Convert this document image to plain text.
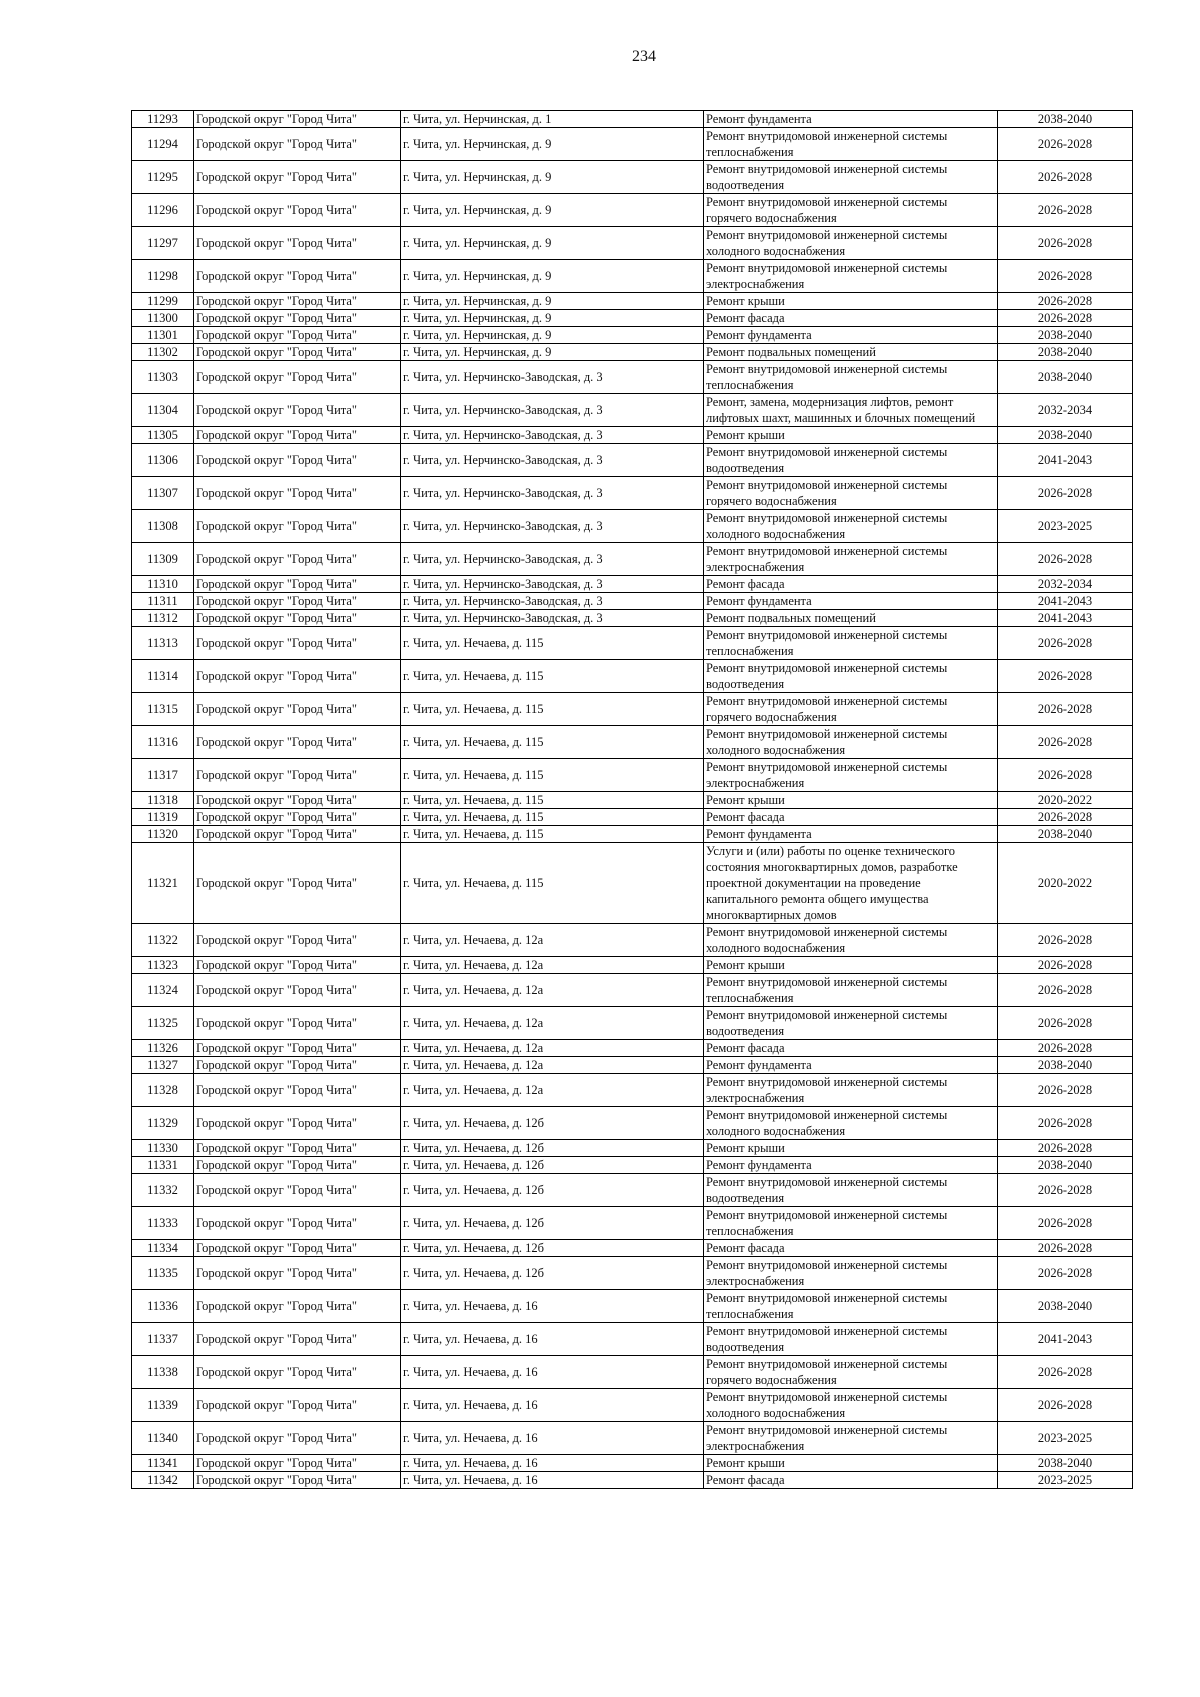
234
11293	Городской округ "Город Чита"	г. Чита, ул. Нерчинская, д. 1	Ремонт фундамента	2038-2040
11294	Городской округ "Город Чита"	г. Чита, ул. Нерчинская, д. 9	Ремонт внутридомовой инженерной системы теплоснабжения	2026-2028
11295	Городской округ "Город Чита"	г. Чита, ул. Нерчинская, д. 9	Ремонт внутридомовой инженерной системы водоотведения	2026-2028
11296	Городской округ "Город Чита"	г. Чита, ул. Нерчинская, д. 9	Ремонт внутридомовой инженерной системы горячего водоснабжения	2026-2028
11297	Городской округ "Город Чита"	г. Чита, ул. Нерчинская, д. 9	Ремонт внутридомовой инженерной системы холодного водоснабжения	2026-2028
11298	Городской округ "Город Чита"	г. Чита, ул. Нерчинская, д. 9	Ремонт внутридомовой инженерной системы электроснабжения	2026-2028
11299	Городской округ "Город Чита"	г. Чита, ул. Нерчинская, д. 9	Ремонт крыши	2026-2028
11300	Городской округ "Город Чита"	г. Чита, ул. Нерчинская, д. 9	Ремонт фасада	2026-2028
11301	Городской округ "Город Чита"	г. Чита, ул. Нерчинская, д. 9	Ремонт фундамента	2038-2040
11302	Городской округ "Город Чита"	г. Чита, ул. Нерчинская, д. 9	Ремонт подвальных помещений	2038-2040
11303	Городской округ "Город Чита"	г. Чита, ул. Нерчинско-Заводская, д. 3	Ремонт внутридомовой инженерной системы теплоснабжения	2038-2040
11304	Городской округ "Город Чита"	г. Чита, ул. Нерчинско-Заводская, д. 3	Ремонт, замена, модернизация лифтов, ремонт лифтовых шахт, машинных и блочных помещений	2032-2034
11305	Городской округ "Город Чита"	г. Чита, ул. Нерчинско-Заводская, д. 3	Ремонт крыши	2038-2040
11306	Городской округ "Город Чита"	г. Чита, ул. Нерчинско-Заводская, д. 3	Ремонт внутридомовой инженерной системы водоотведения	2041-2043
11307	Городской округ "Город Чита"	г. Чита, ул. Нерчинско-Заводская, д. 3	Ремонт внутридомовой инженерной системы горячего водоснабжения	2026-2028
11308	Городской округ "Город Чита"	г. Чита, ул. Нерчинско-Заводская, д. 3	Ремонт внутридомовой инженерной системы холодного водоснабжения	2023-2025
11309	Городской округ "Город Чита"	г. Чита, ул. Нерчинско-Заводская, д. 3	Ремонт внутридомовой инженерной системы электроснабжения	2026-2028
11310	Городской округ "Город Чита"	г. Чита, ул. Нерчинско-Заводская, д. 3	Ремонт фасада	2032-2034
11311	Городской округ "Город Чита"	г. Чита, ул. Нерчинско-Заводская, д. 3	Ремонт фундамента	2041-2043
11312	Городской округ "Город Чита"	г. Чита, ул. Нерчинско-Заводская, д. 3	Ремонт подвальных помещений	2041-2043
11313	Городской округ "Город Чита"	г. Чита, ул. Нечаева, д. 115	Ремонт внутридомовой инженерной системы теплоснабжения	2026-2028
11314	Городской округ "Город Чита"	г. Чита, ул. Нечаева, д. 115	Ремонт внутридомовой инженерной системы водоотведения	2026-2028
11315	Городской округ "Город Чита"	г. Чита, ул. Нечаева, д. 115	Ремонт внутридомовой инженерной системы горячего водоснабжения	2026-2028
11316	Городской округ "Город Чита"	г. Чита, ул. Нечаева, д. 115	Ремонт внутридомовой инженерной системы холодного водоснабжения	2026-2028
11317	Городской округ "Город Чита"	г. Чита, ул. Нечаева, д. 115	Ремонт внутридомовой инженерной системы электроснабжения	2026-2028
11318	Городской округ "Город Чита"	г. Чита, ул. Нечаева, д. 115	Ремонт крыши	2020-2022
11319	Городской округ "Город Чита"	г. Чита, ул. Нечаева, д. 115	Ремонт фасада	2026-2028
11320	Городской округ "Город Чита"	г. Чита, ул. Нечаева, д. 115	Ремонт фундамента	2038-2040
11321	Городской округ "Город Чита"	г. Чита, ул. Нечаева, д. 115	Услуги и (или) работы по оценке технического состояния многоквартирных домов, разработке проектной документации на проведение капитального ремонта общего имущества многоквартирных домов	2020-2022
11322	Городской округ "Город Чита"	г. Чита, ул. Нечаева, д. 12а	Ремонт внутридомовой инженерной системы холодного водоснабжения	2026-2028
11323	Городской округ "Город Чита"	г. Чита, ул. Нечаева, д. 12а	Ремонт крыши	2026-2028
11324	Городской округ "Город Чита"	г. Чита, ул. Нечаева, д. 12а	Ремонт внутридомовой инженерной системы теплоснабжения	2026-2028
11325	Городской округ "Город Чита"	г. Чита, ул. Нечаева, д. 12а	Ремонт внутридомовой инженерной системы водоотведения	2026-2028
11326	Городской округ "Город Чита"	г. Чита, ул. Нечаева, д. 12а	Ремонт фасада	2026-2028
11327	Городской округ "Город Чита"	г. Чита, ул. Нечаева, д. 12а	Ремонт фундамента	2038-2040
11328	Городской округ "Город Чита"	г. Чита, ул. Нечаева, д. 12а	Ремонт внутридомовой инженерной системы электроснабжения	2026-2028
11329	Городской округ "Город Чита"	г. Чита, ул. Нечаева, д. 12б	Ремонт внутридомовой инженерной системы холодного водоснабжения	2026-2028
11330	Городской округ "Город Чита"	г. Чита, ул. Нечаева, д. 12б	Ремонт крыши	2026-2028
11331	Городской округ "Город Чита"	г. Чита, ул. Нечаева, д. 12б	Ремонт фундамента	2038-2040
11332	Городской округ "Город Чита"	г. Чита, ул. Нечаева, д. 12б	Ремонт внутридомовой инженерной системы водоотведения	2026-2028
11333	Городской округ "Город Чита"	г. Чита, ул. Нечаева, д. 12б	Ремонт внутридомовой инженерной системы теплоснабжения	2026-2028
11334	Городской округ "Город Чита"	г. Чита, ул. Нечаева, д. 12б	Ремонт фасада	2026-2028
11335	Городской округ "Город Чита"	г. Чита, ул. Нечаева, д. 12б	Ремонт внутридомовой инженерной системы электроснабжения	2026-2028
11336	Городской округ "Город Чита"	г. Чита, ул. Нечаева, д. 16	Ремонт внутридомовой инженерной системы теплоснабжения	2038-2040
11337	Городской округ "Город Чита"	г. Чита, ул. Нечаева, д. 16	Ремонт внутридомовой инженерной системы водоотведения	2041-2043
11338	Городской округ "Город Чита"	г. Чита, ул. Нечаева, д. 16	Ремонт внутридомовой инженерной системы горячего водоснабжения	2026-2028
11339	Городской округ "Город Чита"	г. Чита, ул. Нечаева, д. 16	Ремонт внутридомовой инженерной системы холодного водоснабжения	2026-2028
11340	Городской округ "Город Чита"	г. Чита, ул. Нечаева, д. 16	Ремонт внутридомовой инженерной системы электроснабжения	2023-2025
11341	Городской округ "Город Чита"	г. Чита, ул. Нечаева, д. 16	Ремонт крыши	2038-2040
11342	Городской округ "Город Чита"	г. Чита, ул. Нечаева, д. 16	Ремонт фасада	2023-2025
